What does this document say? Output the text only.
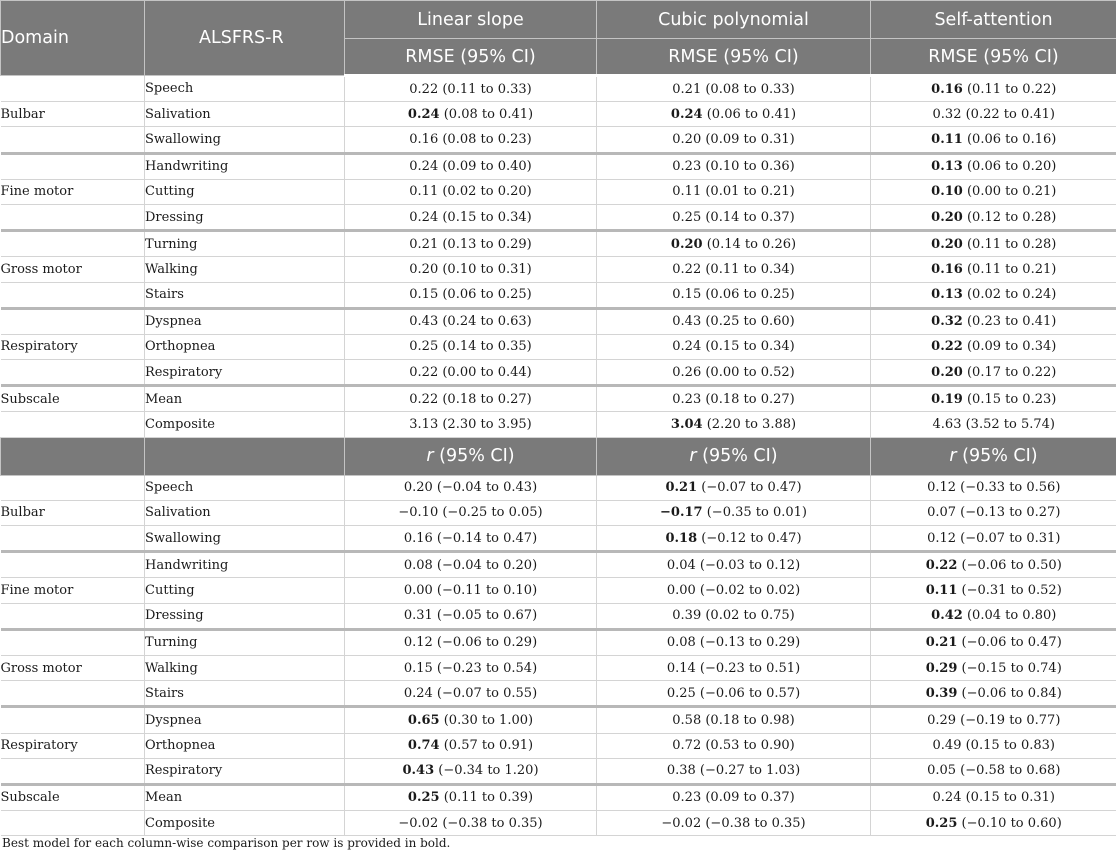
Domain	ALSFRS-R	Linear slope	Cubic polynomial	Self-attention
		RMSE (95% CI)	RMSE (95% CI)	RMSE (95% CI)
	Speech	0.22 (0.11 to 0.33)	0.21 (0.08 to 0.33)	0.16 (0.11 to 0.22)
Bulbar	Salivation	0.24 (0.08 to 0.41)	0.24 (0.06 to 0.41)	0.32 (0.22 to 0.41)
	Swallowing	0.16 (0.08 to 0.23)	0.20 (0.09 to 0.31)	0.11 (0.06 to 0.16)
	Handwriting	0.24 (0.09 to 0.40)	0.23 (0.10 to 0.36)	0.13 (0.06 to 0.20)
Fine motor	Cutting	0.11 (0.02 to 0.20)	0.11 (0.01 to 0.21)	0.10 (0.00 to 0.21)
	Dressing	0.24 (0.15 to 0.34)	0.25 (0.14 to 0.37)	0.20 (0.12 to 0.28)
	Turning	0.21 (0.13 to 0.29)	0.20 (0.14 to 0.26)	0.20 (0.11 to 0.28)
Gross motor	Walking	0.20 (0.10 to 0.31)	0.22 (0.11 to 0.34)	0.16 (0.11 to 0.21)
	Stairs	0.15 (0.06 to 0.25)	0.15 (0.06 to 0.25)	0.13 (0.02 to 0.24)
	Dyspnea	0.43 (0.24 to 0.63)	0.43 (0.25 to 0.60)	0.32 (0.23 to 0.41)
Respiratory	Orthopnea	0.25 (0.14 to 0.35)	0.24 (0.15 to 0.34)	0.22 (0.09 to 0.34)
	Respiratory	0.22 (0.00 to 0.44)	0.26 (0.00 to 0.52)	0.20 (0.17 to 0.22)
Subscale	Mean	0.22 (0.18 to 0.27)	0.23 (0.18 to 0.27)	0.19 (0.15 to 0.23)
	Composite	3.13 (2.30 to 3.95)	3.04 (2.20 to 3.88)	4.63 (3.52 to 5.74)
		r (95% CI)	r (95% CI)	r (95% CI)
	Speech	0.20 (−0.04 to 0.43)	0.21 (−0.07 to 0.47)	0.12 (−0.33 to 0.56)
Bulbar	Salivation	−0.10 (−0.25 to 0.05)	−0.17 (−0.35 to 0.01)	0.07 (−0.13 to 0.27)
	Swallowing	0.16 (−0.14 to 0.47)	0.18 (−0.12 to 0.47)	0.12 (−0.07 to 0.31)
	Handwriting	0.08 (−0.04 to 0.20)	0.04 (−0.03 to 0.12)	0.22 (−0.06 to 0.50)
Fine motor	Cutting	0.00 (−0.11 to 0.10)	0.00 (−0.02 to 0.02)	0.11 (−0.31 to 0.52)
	Dressing	0.31 (−0.05 to 0.67)	0.39 (0.02 to 0.75)	0.42 (0.04 to 0.80)
	Turning	0.12 (−0.06 to 0.29)	0.08 (−0.13 to 0.29)	0.21 (−0.06 to 0.47)
Gross motor	Walking	0.15 (−0.23 to 0.54)	0.14 (−0.23 to 0.51)	0.29 (−0.15 to 0.74)
	Stairs	0.24 (−0.07 to 0.55)	0.25 (−0.06 to 0.57)	0.39 (−0.06 to 0.84)
	Dyspnea	0.65 (0.30 to 1.00)	0.58 (0.18 to 0.98)	0.29 (−0.19 to 0.77)
Respiratory	Orthopnea	0.74 (0.57 to 0.91)	0.72 (0.53 to 0.90)	0.49 (0.15 to 0.83)
	Respiratory	0.43 (−0.34 to 1.20)	0.38 (−0.27 to 1.03)	0.05 (−0.58 to 0.68)
Subscale	Mean	0.25 (0.11 to 0.39)	0.23 (0.09 to 0.37)	0.24 (0.15 to 0.31)
	Composite	−0.02 (−0.38 to 0.35)	−0.02 (−0.38 to 0.35)	0.25 (−0.10 to 0.60)
Best model for each column-wise comparison per row is provided in bold.
